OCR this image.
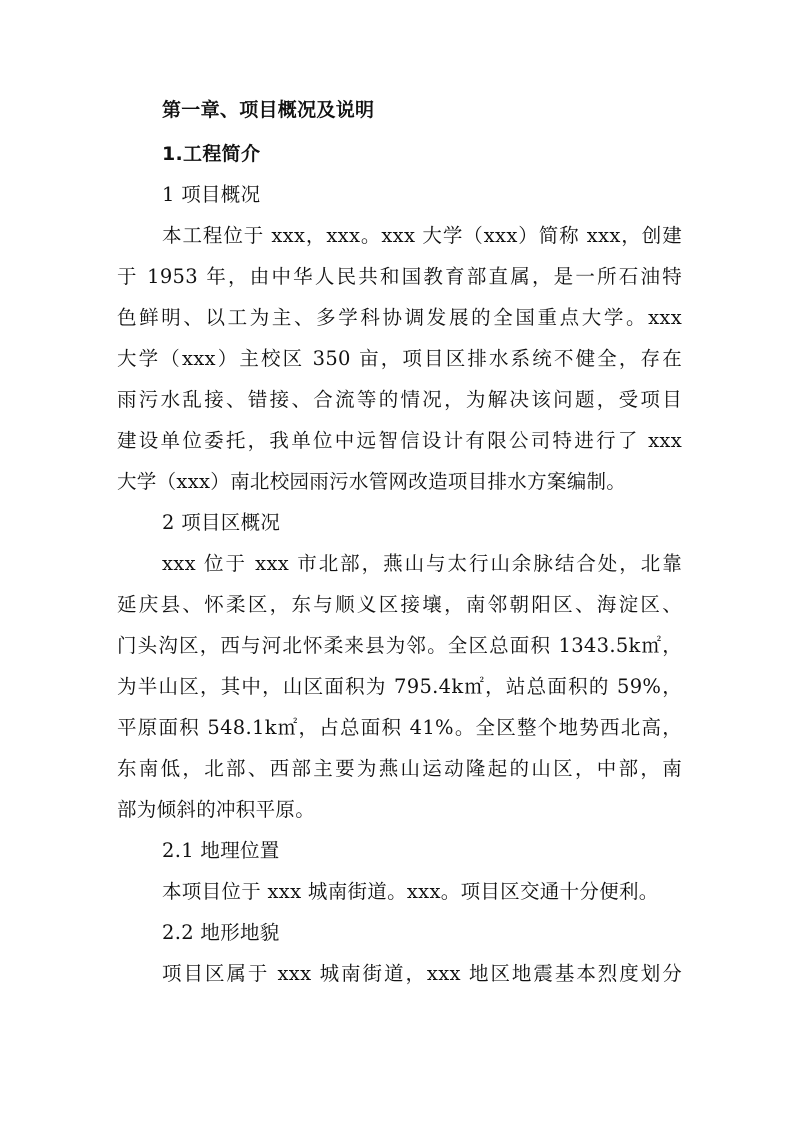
第一章、项目概况及说明
1.工程简介
1 项目概况
本工程位于 xxx，xxx。xxx 大学（xxx）简称 xxx，创建
于 1953 年，由中华人民共和国教育部直属，是一所石油特
色鲜明、以工为主、多学科协调发展的全国重点大学。xxx
大学（xxx）主校区 350 亩，项目区排水系统不健全，存在
雨污水乱接、错接、合流等的情况，为解决该问题，受项目
建设单位委托，我单位中远智信设计有限公司特进行了 xxx
大学（xxx）南北校园雨污水管网改造项目排水方案编制。
2 项目区概况
xxx 位于 xxx 市北部，燕山与太行山余脉结合处，北靠
延庆县、怀柔区，东与顺义区接壤，南邻朝阳区、海淀区、
门头沟区，西与河北怀柔来县为邻。全区总面积 1343.5k㎡，
为半山区，其中，山区面积为 795.4k㎡，站总面积的 59%，
平原面积 548.1k㎡，占总面积 41%。全区整个地势西北高，
东南低，北部、西部主要为燕山运动隆起的山区，中部，南
部为倾斜的冲积平原。
2.1 地理位置
本项目位于 xxx 城南街道。xxx。项目区交通十分便利。
2.2 地形地貌
项目区属于 xxx 城南街道，xxx 地区地震基本烈度划分
